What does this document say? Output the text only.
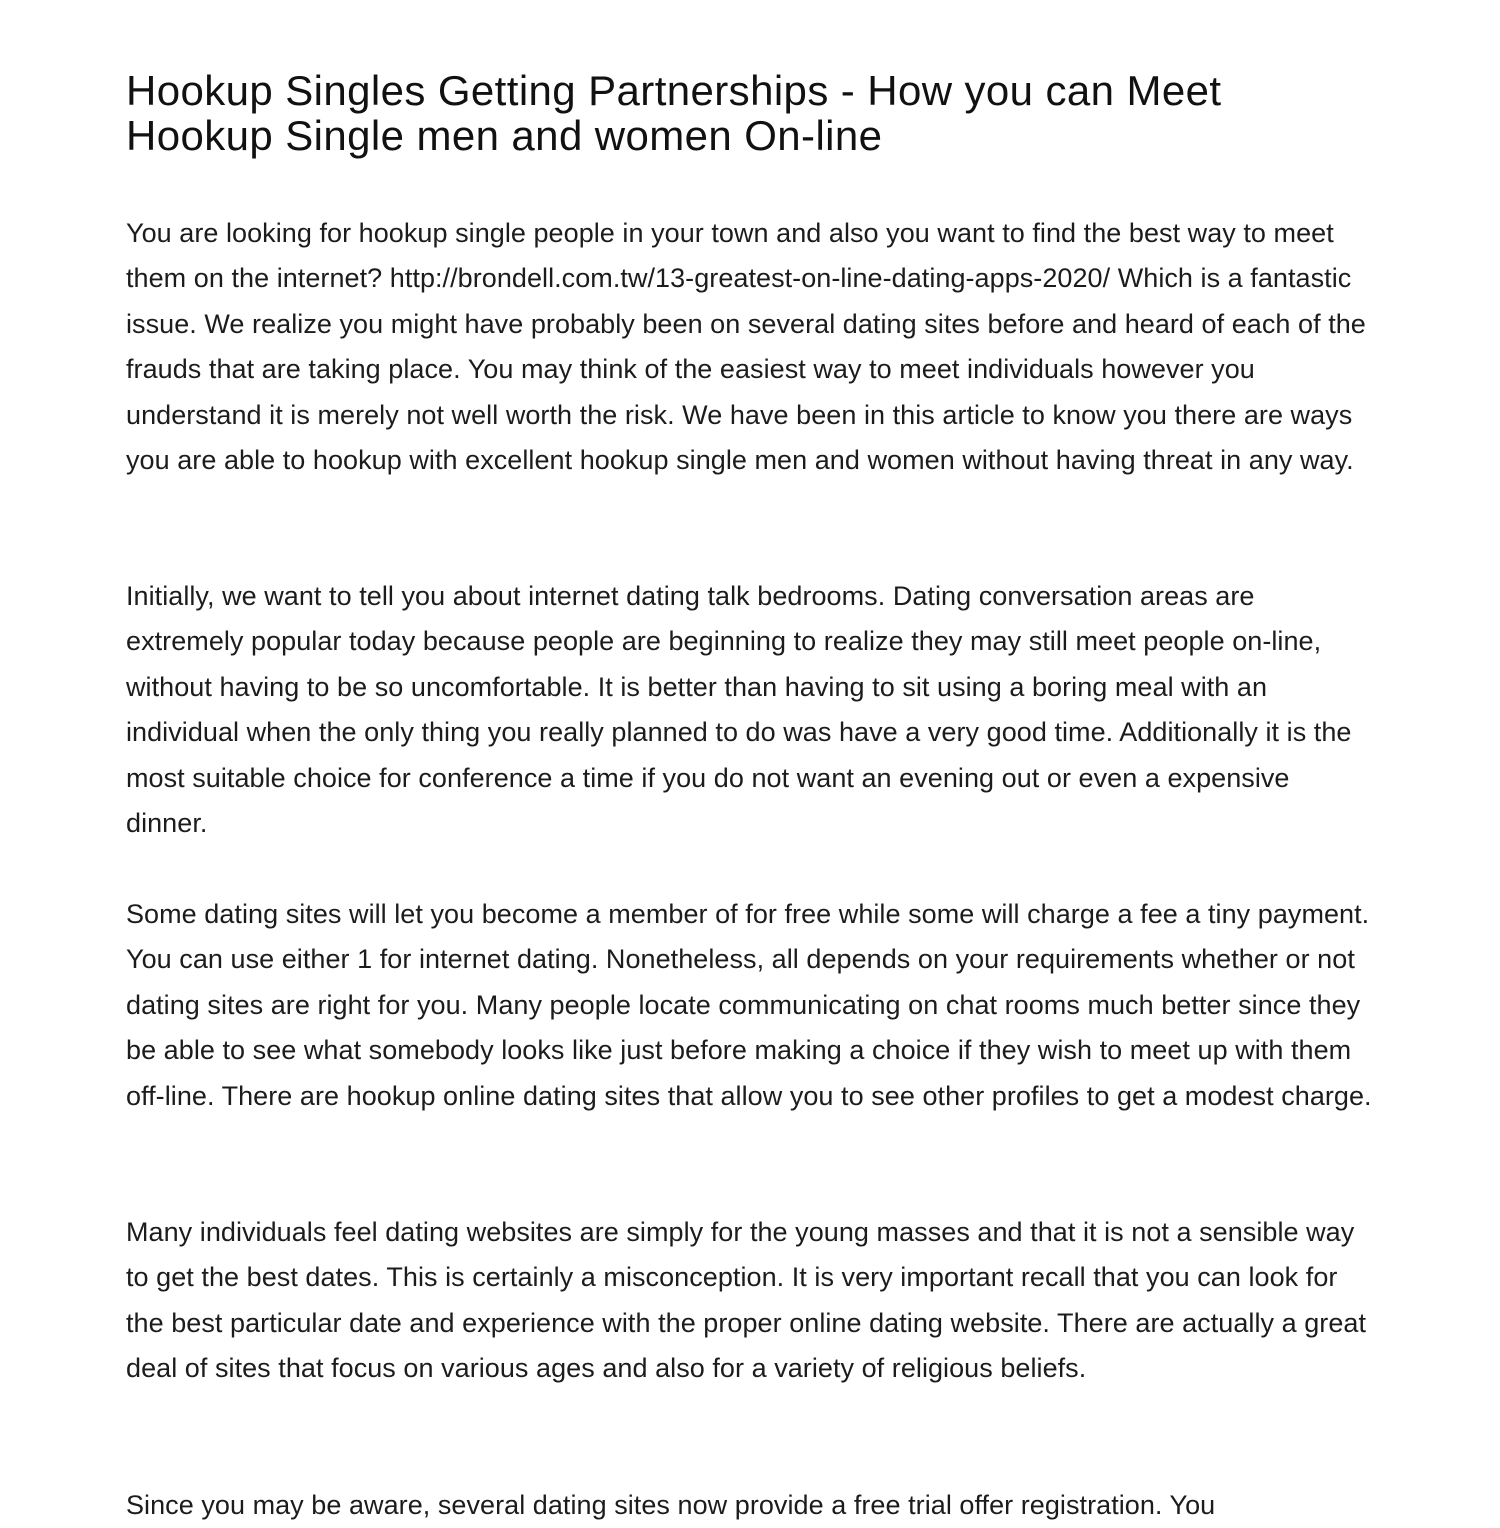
Hookup Singles Getting Partnerships - How you can Meet Hookup Single men and women On-line

You are looking for hookup single people in your town and also you want to find the best way to meet them on the internet? http://brondell.com.tw/13-greatest-on-line-dating-apps-2020/ Which is a fantastic issue. We realize you might have probably been on several dating sites before and heard of each of the frauds that are taking place. You may think of the easiest way to meet individuals however you understand it is merely not well worth the risk. We have been in this article to know you there are ways you are able to hookup with excellent hookup single men and women without having threat in any way.

Initially, we want to tell you about internet dating talk bedrooms. Dating conversation areas are extremely popular today because people are beginning to realize they may still meet people on-line, without having to be so uncomfortable. It is better than having to sit using a boring meal with an individual when the only thing you really planned to do was have a very good time. Additionally it is the most suitable choice for conference a time if you do not want an evening out or even a expensive dinner.

Some dating sites will let you become a member of for free while some will charge a fee a tiny payment. You can use either 1 for internet dating. Nonetheless, all depends on your requirements whether or not dating sites are right for you. Many people locate communicating on chat rooms much better since they be able to see what somebody looks like just before making a choice if they wish to meet up with them off-line. There are hookup online dating sites that allow you to see other profiles to get a modest charge.

Many individuals feel dating websites are simply for the young masses and that it is not a sensible way to get the best dates. This is certainly a misconception. It is very important recall that you can look for the best particular date and experience with the proper online dating website. There are actually a great deal of sites that focus on various ages and also for a variety of religious beliefs.

Since you may be aware, several dating sites now provide a free trial offer registration. You
